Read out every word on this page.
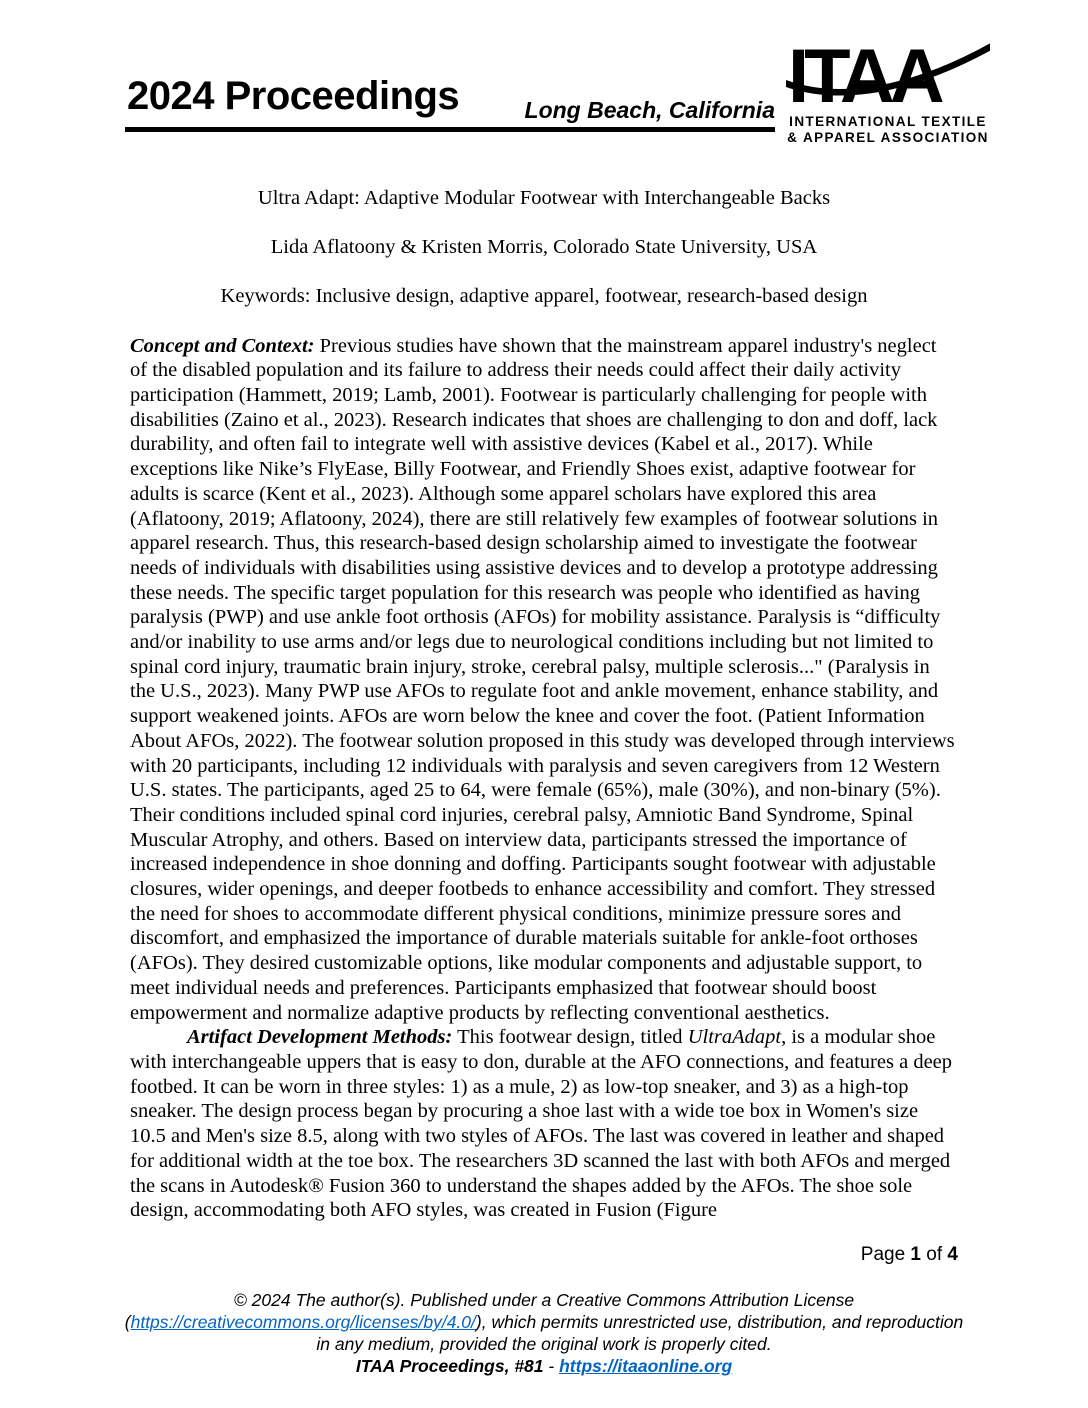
2024 Proceedings	Long Beach, California ITAA
INTERNATIONAL TEXTILE
& APPAREL ASSOCIATION
Ultra Adapt: Adaptive Modular Footwear with Interchangeable Backs
Lida Aflatoony & Kristen Morris, Colorado State University, USA
Keywords: Inclusive design, adaptive apparel, footwear, research-based design

Concept and Context: Previous studies have shown that the mainstream apparel industry's neglect of the disabled population and its failure to address their needs could affect their daily activity participation (Hammett, 2019; Lamb, 2001). Footwear is particularly challenging for people with disabilities (Zaino et al., 2023). Research indicates that shoes are challenging to don and doff, lack durability, and often fail to integrate well with assistive devices (Kabel et al., 2017). While exceptions like Nike’s FlyEase, Billy Footwear, and Friendly Shoes exist, adaptive footwear for adults is scarce (Kent et al., 2023). Although some apparel scholars have explored this area (Aflatoony, 2019; Aflatoony, 2024), there are still relatively few examples of footwear solutions in apparel research. Thus, this research-based design scholarship aimed to investigate the footwear needs of individuals with disabilities using assistive devices and to develop a prototype addressing these needs. The specific target population for this research was people who identified as having paralysis (PWP) and use ankle foot orthosis (AFOs) for mobility assistance. Paralysis is “difficulty and/or inability to use arms and/or legs due to neurological conditions including but not limited to spinal cord injury, traumatic brain injury, stroke, cerebral palsy, multiple sclerosis..." (Paralysis in the U.S., 2023). Many PWP use AFOs to regulate foot and ankle movement, enhance stability, and support weakened joints. AFOs are worn below the knee and cover the foot. (Patient Information About AFOs, 2022). The footwear solution proposed in this study was developed through interviews with 20 participants, including 12 individuals with paralysis and seven caregivers from 12 Western U.S. states. The participants, aged 25 to 64, were female (65%), male (30%), and non-binary (5%). Their conditions included spinal cord injuries, cerebral palsy, Amniotic Band Syndrome, Spinal Muscular Atrophy, and others. Based on interview data, participants stressed the importance of increased independence in shoe donning and doffing. Participants sought footwear with adjustable closures, wider openings, and deeper footbeds to enhance accessibility and comfort. They stressed the need for shoes to accommodate different physical conditions, minimize pressure sores and discomfort, and emphasized the importance of durable materials suitable for ankle-foot orthoses (AFOs). They desired customizable options, like modular components and adjustable support, to meet individual needs and preferences. Participants emphasized that footwear should boost empowerment and normalize adaptive products by reflecting conventional aesthetics.

Artifact Development Methods: This footwear design, titled UltraAdapt, is a modular shoe with interchangeable uppers that is easy to don, durable at the AFO connections, and features a deep footbed. It can be worn in three styles: 1) as a mule, 2) as low-top sneaker, and 3) as a high-top sneaker. The design process began by procuring a shoe last with a wide toe box in Women's size 10.5 and Men's size 8.5, along with two styles of AFOs. The last was covered in leather and shaped for additional width at the toe box. The researchers 3D scanned the last with both AFOs and merged the scans in Autodesk® Fusion 360 to understand the shapes added by the AFOs. The shoe sole design, accommodating both AFO styles, was created in Fusion (Figure

Page 1 of 4
© 2024 The author(s). Published under a Creative Commons Attribution License
(https://creativecommons.org/licenses/by/4.0/), which permits unrestricted use, distribution, and reproduction
in any medium, provided the original work is properly cited.
ITAA Proceedings, #81 - https://itaaonline.org
